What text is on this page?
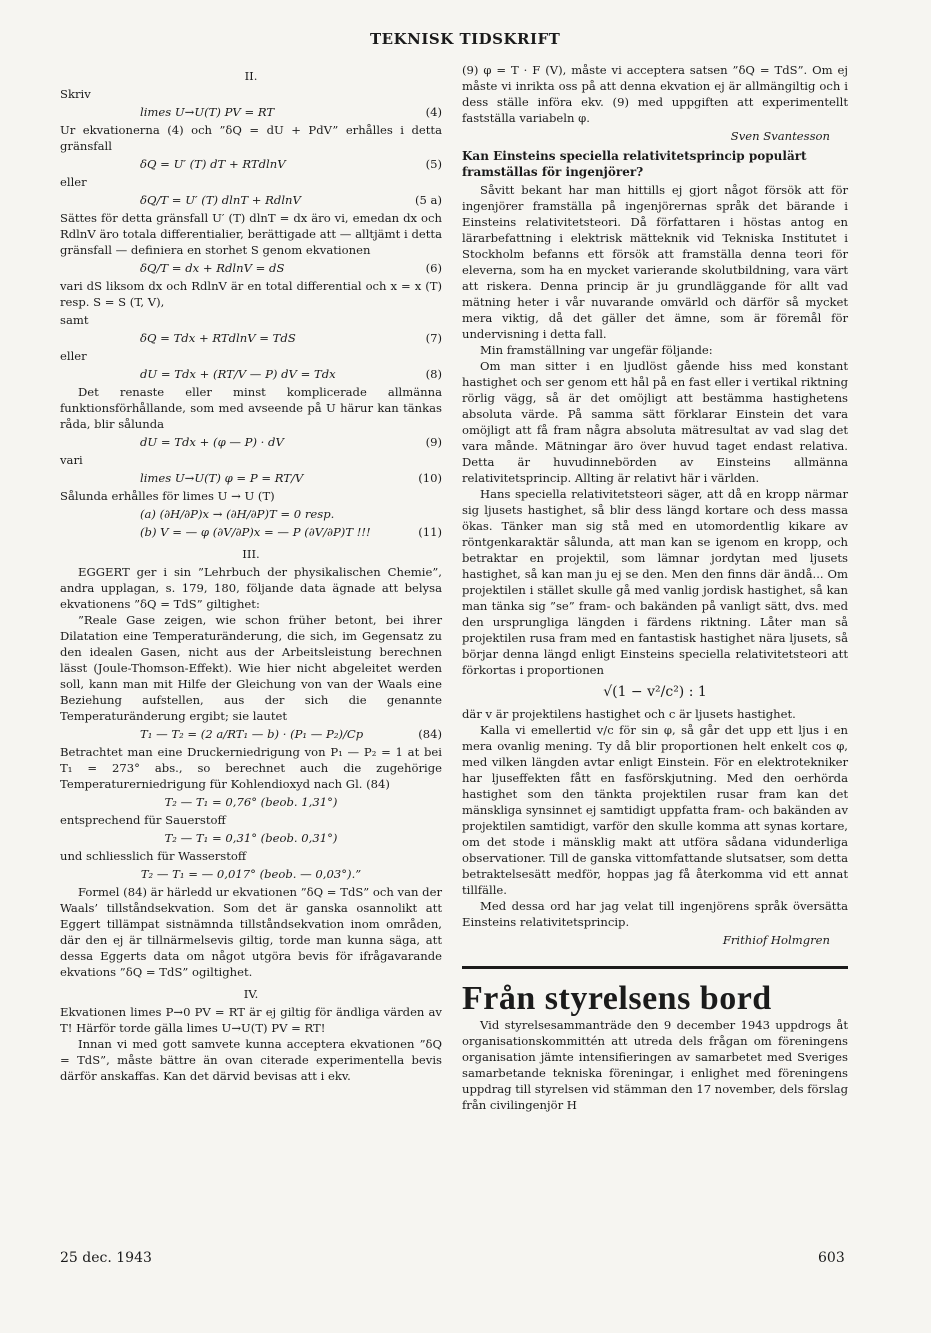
TEKNISK TIDSKRIFT
II.
Skriv
limes U→U(T) PV = RT	(4)

Ur ekvationerna (4) och ”δQ = dU + PdV” erhålles i detta gränsfall

δQ = U′ (T) dT + RTdlnV	(5)
eller
δQ/T = U′ (T) dlnT + RdlnV	(5 a)

Sättes för detta gränsfall U′ (T) dlnT = dx äro vi, emedan dx och RdlnV äro totala differentialier, berättigade att — alltjämt i detta gränsfall — definiera en storhet S genom ekvationen

δQ/T = dx + RdlnV = dS	(6)

vari dS liksom dx och RdlnV är en total differential och x = x (T) resp. S = S (T, V),

samt
δQ = Tdx + RTdlnV = TdS	(7)
eller
dU = Tdx + (RT/V — P) dV = Tdx	(8)

Det renaste eller minst komplicerade allmänna funktionsförhållande, som med avseende på U härur kan tänkas råda, blir sålunda

dU = Tdx + (φ — P) · dV	(9)
vari
limes U→U(T) φ = P = RT/V	(10)

Sålunda erhålles för limes U → U (T)

(a) (∂H/∂P)x → (∂H/∂P)T = 0 resp.
(b) V = — φ (∂V/∂P)x = — P (∂V/∂P)T !!!	(11)
III.

EGGERT ger i sin ”Lehrbuch der physikalischen Chemie”, andra upplagan, s. 179, 180, följande data ägnade att belysa ekvationens ”δQ = TdS” giltighet:

”Reale Gase zeigen, wie schon früher betont, bei ihrer Dilatation eine Temperaturänderung, die sich, im Gegensatz zu den idealen Gasen, nicht aus der Arbeitsleistung berechnen lässt (Joule-Thomson-Effekt). Wie hier nicht abgeleitet werden soll, kann man mit Hilfe der Gleichung von van der Waals eine Beziehung aufstellen, aus der sich die genannte Temperaturänderung ergibt; sie lautet

T₁ — T₂ = (2 a/RT₁ — b) · (P₁ — P₂)/Cp	(84)

Betrachtet man eine Druckerniedrigung von P₁ — P₂ = 1 at bei T₁ = 273° abs., so berechnet auch die zugehörige Temperaturerniedrigung für Kohlendioxyd nach Gl. (84)

T₂ — T₁ = 0,76° (beob. 1,31°)

entsprechend für Sauerstoff

T₂ — T₁ = 0,31° (beob. 0,31°)

und schliesslich für Wasserstoff

T₂ — T₁ = — 0,017° (beob. — 0,03°).”

Formel (84) är härledd ur ekvationen ”δQ = TdS” och van der Waals’ tillståndsekvation. Som det är ganska osannolikt att Eggert tillämpat sistnämnda tillståndsekvation inom områden, där den ej är tillnärmelsevis giltig, torde man kunna säga, att dessa Eggerts data om något utgöra bevis för ifrågavarande ekvations ”δQ = TdS” ogiltighet.

IV.

Ekvationen limes P→0 PV = RT är ej giltig för ändliga värden av T! Härför torde gälla limes U→U(T) PV = RT!

Innan vi med gott samvete kunna acceptera ekvationen ”δQ = TdS”, måste bättre än ovan citerade experimentella bevis därför anskaffas. Kan det därvid bevisas att i ekv.

(9) φ = T · F (V), måste vi acceptera satsen ”δQ = TdS”. Om ej måste vi inrikta oss på att denna ekvation ej är allmängiltig och i dess ställe införa ekv. (9) med uppgiften att experimentellt fastställa variabeln φ.

Sven Svantesson
Kan Einsteins speciella relativitetsprincip populärt framställas för ingenjörer?

Såvitt bekant har man hittills ej gjort något försök att för ingenjörer framställa på ingenjörernas språk det bärande i Einsteins relativitetsteori. Då författaren i höstas antog en lärarbefattning i elektrisk mätteknik vid Tekniska Institutet i Stockholm befanns ett försök att framställa denna teori för eleverna, som ha en mycket varierande skolutbildning, vara värt att riskera. Denna princip är ju grundläggande för allt vad mätning heter i vår nuvarande omvärld och därför så mycket mera viktig, då det gäller det ämne, som är föremål för undervisning i detta fall.

Min framställning var ungefär följande:

Om man sitter i en ljudlöst gående hiss med konstant hastighet och ser genom ett hål på en fast eller i vertikal riktning rörlig vägg, så är det omöjligt att bestämma hastighetens absoluta värde. På samma sätt förklarar Einstein det vara omöjligt att få fram några absoluta mätresultat av vad slag det vara månde. Mätningar äro över huvud taget endast relativa. Detta är huvudinnebörden av Einsteins allmänna relativitetsprincip. Allting är relativt här i världen.

Hans speciella relativitetsteori säger, att då en kropp närmar sig ljusets hastighet, så blir dess längd kortare och dess massa ökas. Tänker man sig stå med en utomordentlig kikare av röntgenkaraktär sålunda, att man kan se igenom en kropp, och betraktar en projektil, som lämnar jordytan med ljusets hastighet, så kan man ju ej se den. Men den finns där ändå... Om projektilen i stället skulle gå med vanlig jordisk hastighet, så kan man tänka sig ”se” fram- och bakänden på vanligt sätt, dvs. med den ursprungliga längden i färdens riktning. Låter man så projektilen rusa fram med en fantastisk hastighet nära ljusets, så börjar denna längd enligt Einsteins speciella relativitetsteori att förkortas i proportionen

√(1 − v²/c²) : 1

där v är projektilens hastighet och c är ljusets hastighet.

Kalla vi emellertid v/c för sin φ, så går det upp ett ljus i en mera ovanlig mening. Ty då blir proportionen helt enkelt cos φ, med vilken längden avtar enligt Einstein. För en elektrotekniker har ljuseffekten fått en fasförskjutning. Med den oerhörda hastighet som den tänkta projektilen rusar fram kan det mänskliga synsinnet ej samtidigt uppfatta fram- och bakänden av projektilen samtidigt, varför den skulle komma att synas kortare, om det stode i mänsklig makt att utföra sådana vidunderliga observationer. Till de ganska vittomfattande slutsatser, som detta betraktelsesätt medför, hoppas jag få återkomma vid ett annat tillfälle.

Med dessa ord har jag velat till ingenjörens språk översätta Einsteins relativitetsprincip.

Frithiof Holmgren
Från styrelsens bord

Vid styrelsesammanträde den 9 december 1943 uppdrogs åt organisationskommittén att utreda dels frågan om föreningens organisation jämte intensifieringen av samarbetet med Sveriges samarbetande tekniska föreningar, i enlighet med föreningens uppdrag till styrelsen vid stämman den 17 november, dels förslag från civilingenjör H

25 dec. 1943	603
